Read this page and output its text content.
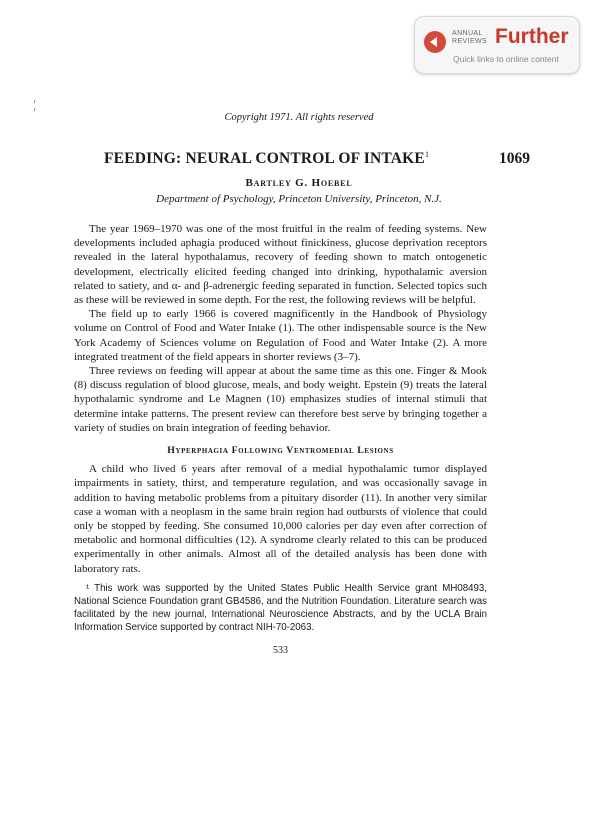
ANNUAL
REVIEWS Further
Quick links to online content
Copyright 1971. All rights reserved
FEEDING: NEURAL CONTROL OF INTAKE$^1$	1069
Bartley G. Hoebel
Department of Psychology, Princeton University, Princeton, N.J.

The year 1969–1970 was one of the most fruitful in the realm of feeding systems. New developments included aphagia produced without finickiness, glucose deprivation receptors revealed in the lateral hypothalamus, recovery of feeding shown to match ontogenetic development, electrically elicited feeding changed into drinking, hypothalamic aversion related to satiety, and α- and β-adrenergic feeding separated in function. Selected topics such as these will be reviewed in some depth. For the rest, the following reviews will be helpful.

The field up to early 1966 is covered magnificently in the Handbook of Physiology volume on Control of Food and Water Intake (1). The other indispensable source is the New York Academy of Sciences volume on Regulation of Food and Water Intake (2). A more integrated treatment of the field appears in shorter reviews (3–7).

Three reviews on feeding will appear at about the same time as this one. Finger & Mook (8) discuss regulation of blood glucose, meals, and body weight. Epstein (9) treats the lateral hypothalamic syndrome and Le Magnen (10) emphasizes studies of internal stimuli that determine intake patterns. The present review can therefore best serve by bringing together a variety of studies on brain integration of feeding behavior.

Hyperphagia Following Ventromedial Lesions

A child who lived 6 years after removal of a medial hypothalamic tumor displayed impairments in satiety, thirst, and temperature regulation, and was occasionally savage in addition to having metabolic problems from a pituitary disorder (11). In another very similar case a woman with a neoplasm in the same brain region had outbursts of violence that could only be stopped by feeding. She consumed 10,000 calories per day even after correction of metabolic and hormonal difficulties (12). A syndrome clearly related to this can be produced experimentally in other animals. Almost all of the detailed analysis has been done with laboratory rats.

¹ This work was supported by the United States Public Health Service grant MH08493, National Science Foundation grant GB4586, and the Nutrition Foundation. Literature search was facilitated by the new journal, International Neuroscience Abstracts, and by the UCLA Brain Information Service supported by contract NIH-70-2063.

533
